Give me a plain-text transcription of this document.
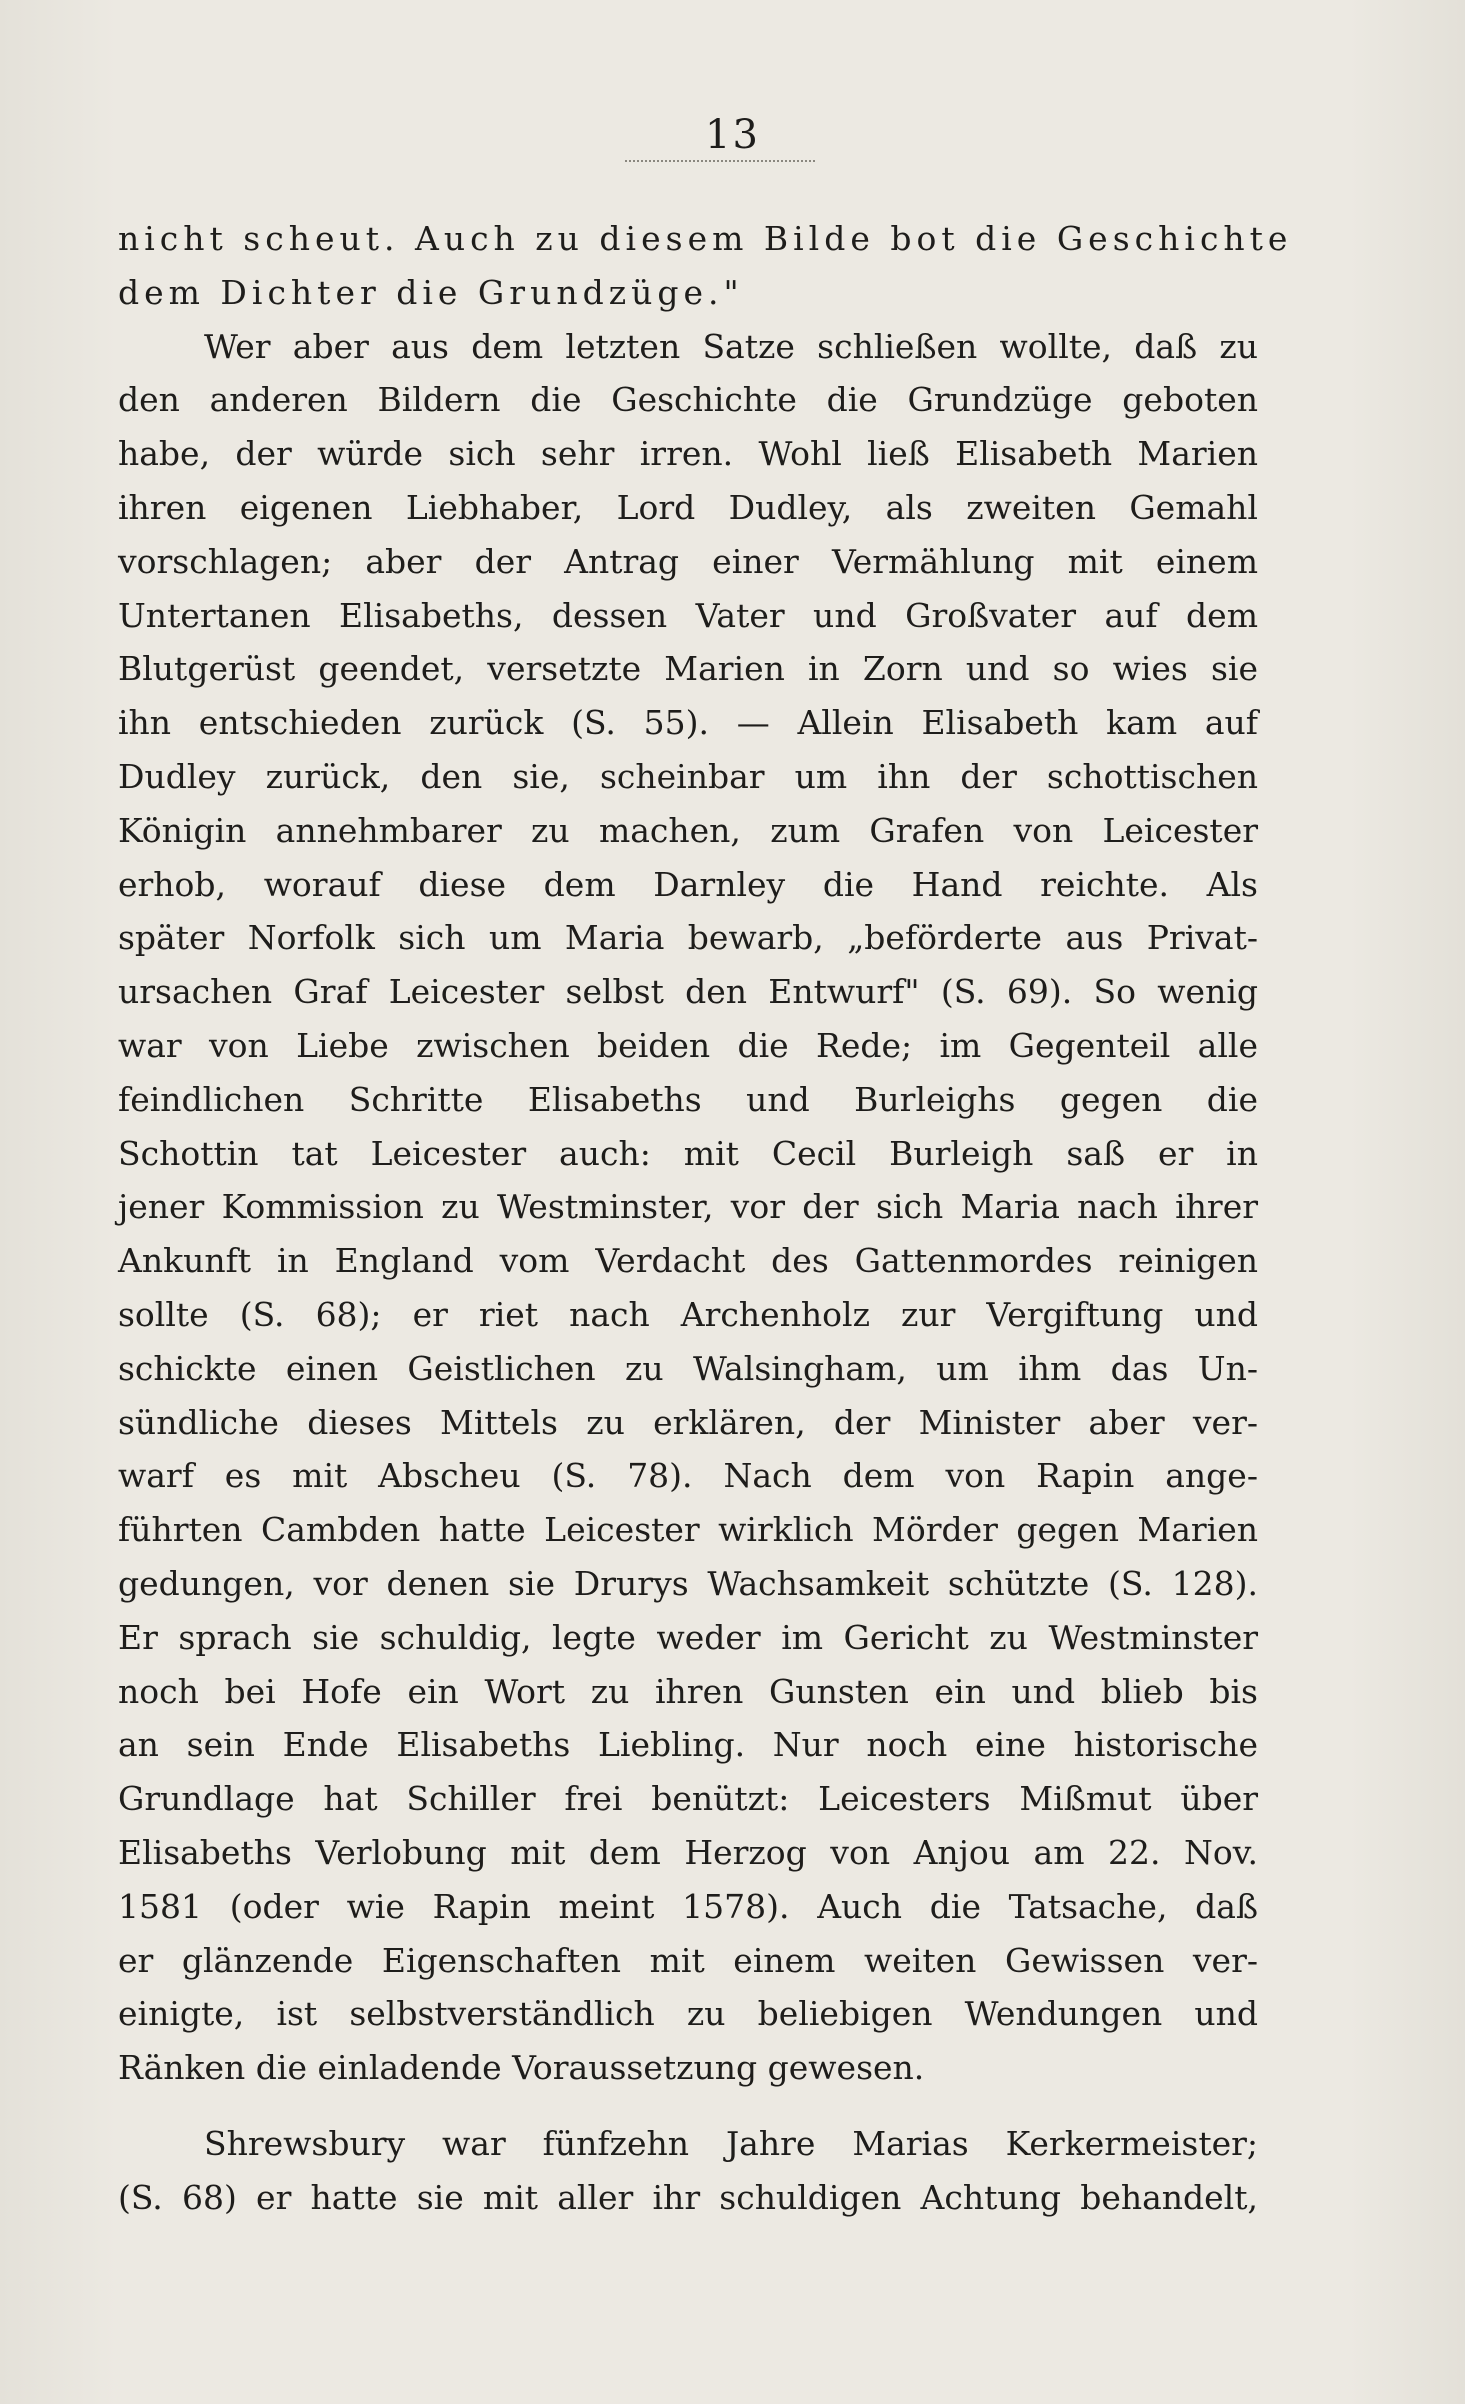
13
nicht scheut. Auch zu diesem Bilde bot die Geschichte
dem Dichter die Grundzüge."
Wer aber aus dem letzten Satze schließen wollte, daß zu
den anderen Bildern die Geschichte die Grundzüge geboten
habe, der würde sich sehr irren. Wohl ließ Elisabeth Marien
ihren eigenen Liebhaber, Lord Dudley, als zweiten Gemahl
vorschlagen; aber der Antrag einer Vermählung mit einem
Untertanen Elisabeths, dessen Vater und Großvater auf dem
Blutgerüst geendet, versetzte Marien in Zorn und so wies sie
ihn entschieden zurück (S. 55). — Allein Elisabeth kam auf
Dudley zurück, den sie, scheinbar um ihn der schottischen
Königin annehmbarer zu machen, zum Grafen von Leicester
erhob, worauf diese dem Darnley die Hand reichte. Als
später Norfolk sich um Maria bewarb, „beförderte aus Privat-
ursachen Graf Leicester selbst den Entwurf" (S. 69). So wenig
war von Liebe zwischen beiden die Rede; im Gegenteil alle
feindlichen Schritte Elisabeths und Burleighs gegen die
Schottin tat Leicester auch: mit Cecil Burleigh saß er in
jener Kommission zu Westminster, vor der sich Maria nach ihrer
Ankunft in England vom Verdacht des Gattenmordes reinigen
sollte (S. 68); er riet nach Archenholz zur Vergiftung und
schickte einen Geistlichen zu Walsingham, um ihm das Un-
sündliche dieses Mittels zu erklären, der Minister aber ver-
warf es mit Abscheu (S. 78). Nach dem von Rapin ange-
führten Cambden hatte Leicester wirklich Mörder gegen Marien
gedungen, vor denen sie Drurys Wachsamkeit schützte (S. 128).
Er sprach sie schuldig, legte weder im Gericht zu Westminster
noch bei Hofe ein Wort zu ihren Gunsten ein und blieb bis
an sein Ende Elisabeths Liebling. Nur noch eine historische
Grundlage hat Schiller frei benützt: Leicesters Mißmut über
Elisabeths Verlobung mit dem Herzog von Anjou am 22. Nov.
1581 (oder wie Rapin meint 1578). Auch die Tatsache, daß
er glänzende Eigenschaften mit einem weiten Gewissen ver-
einigte, ist selbstverständlich zu beliebigen Wendungen und
Ränken die einladende Voraussetzung gewesen.
Shrewsbury war fünfzehn Jahre Marias Kerkermeister;
(S. 68) er hatte sie mit aller ihr schuldigen Achtung behandelt,
